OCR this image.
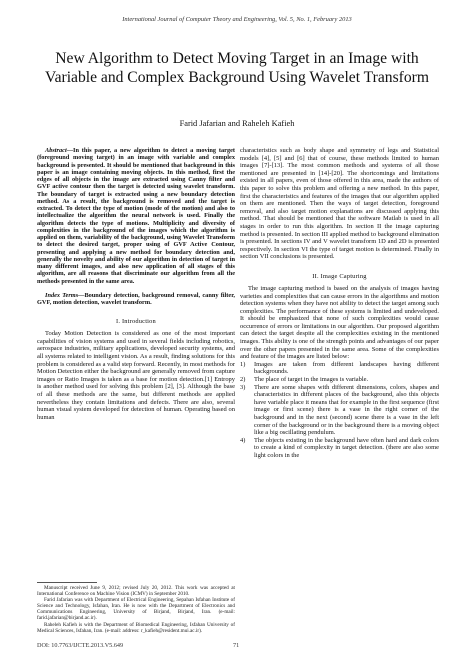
International Journal of Computer Theory and Engineering, Vol. 5, No. 1, February 2013
New Algorithm to Detect Moving Target in an Image with Variable and Complex Background Using Wavelet Transform
Farid Jafarian and Raheleh Kafieh

Abstract—In this paper, a new algorithm to detect a moving target (foreground moving target) in an image with variable and complex background is presented. It should be mentioned that background in this paper is an image containing moving objects. In this method, first the edges of all objects in the image are extracted using Canny filter and GVF active contour then the target is detected using wavelet transform. The boundary of target is extracted using a new boundary detection method. As a result, the background is removed and the target is extracted. To detect the type of motion (mode of the motion) and also to intellectualize the algorithm the neural network is used. Finally the algorithm detects the type of motions. Multiplicity and diversity of complexities in the background of the images which the algorithm is applied on them, variability of the background, using Wavelet Transform to detect the desired target, proper using of GVF Active Contour, presenting and applying a new method for boundary detection and, generally the novelty and ability of our algorithm in detection of target in many different images, and also new application of all stages of this algorithm, are all reasons that discriminate our algorithm from all the methods presented in the same area.

Index Terms—Boundary detection, background removal, canny filter, GVF, motion detection, wavelet transform.

I. Introduction

Today Motion Detection is considered as one of the most important capabilities of vision systems and used in several fields including robotics, aerospace industries, military applications, developed security systems, and all systems related to intelligent vision. As a result, finding solutions for this problem is considered as a valid step forward. Recently, in most methods for Motion Detection either the background are generally removed from capture images or Ratio Images is taken as a base for motion detection.[1] Entropy is another method used for solving this problem [2], [3]. Although the base of all these methods are the same, but different methods are applied nevertheless they contain limitations and defects. There are also, several human visual system developed for detection of human. Operating based on human

characteristics such as body shape and symmetry of legs and Statistical models [4], [5] and [6] that of course, these methods limited to human images [7]-[13]. The most common methods and systems of all those mentioned are presented in [14]-[20]. The shortcomings and limitations existed in all papers, even of those offered in this area, made the authors of this paper to solve this problem and offering a new method. In this paper, first the characteristics and features of the images that our algorithm applied on them are mentioned. Then the ways of target detection, foreground removal, and also target motion explanations are discussed applying this method. That should be mentioned that the software Matlab is used in all stages in order to run this algorithm. In section II the image capturing method is presented. In section III applied method to background elimination is presented. In sections IV and V wavelet transform 1D and 2D is presented respectively. In section VI the type of target motion is determined. Finally in section VII conclusions is presented.

II. Image Capturing

The image capturing method is based on the analysis of images having varieties and complexities that can cause errors in the algorithms and motion detection systems when they have not ability to detect the target among such complexities. The performance of these systems is limited and undeveloped. It should be emphasized that none of such complexities would cause occurrence of errors or limitations in our algorithm. Our proposed algorithm can detect the target despite all the complexities existing in the mentioned images. This ability is one of the strength points and advantages of our paper over the other papers presented in the same area. Some of the complexities and feature of the images are listed below:

1) Images are taken from different landscapes having different backgrounds.
2) The place of target in the images is variable.
3) There are some shapes with different dimensions, colors, shapes and characteristics in different places of the background, also this objects have variable place it means that for example in the first sequence (first image or first scene) there is a vase in the right corner of the background and in the next (second) scene there is a vase in the left corner of the background or in the background there is a moving object like a big oscillating pendulum.
4) The objects existing in the background have often hard and dark colors to create a kind of complexity in target detection. (there are also some light colors in the

Manuscript received June 9, 2012; revised July 20, 2012. This work was accepted at International Conference on Machine Vision (ICMV) in September 2010.

Farid Jafarian was with Department of Electrical Engineering, Sepahan Isfahan Institute of Science and Technology, Isfahan, Iran. He is now with the Department of Electronics and Communications Engineering, University of Birjand, Birjand, Iran. (e-mail: farid.jafarian@birjand.ac.ir).

Raheleh Kafieh is with the Department of Biomedical Engineering, Isfahan University of Medical Sciences, Isfahan, Iran. (e-mail: address: r_kafieh@resident.mui.ac.ir).

DOI: 10.7763/IJCTE.2013.V5.649	71
